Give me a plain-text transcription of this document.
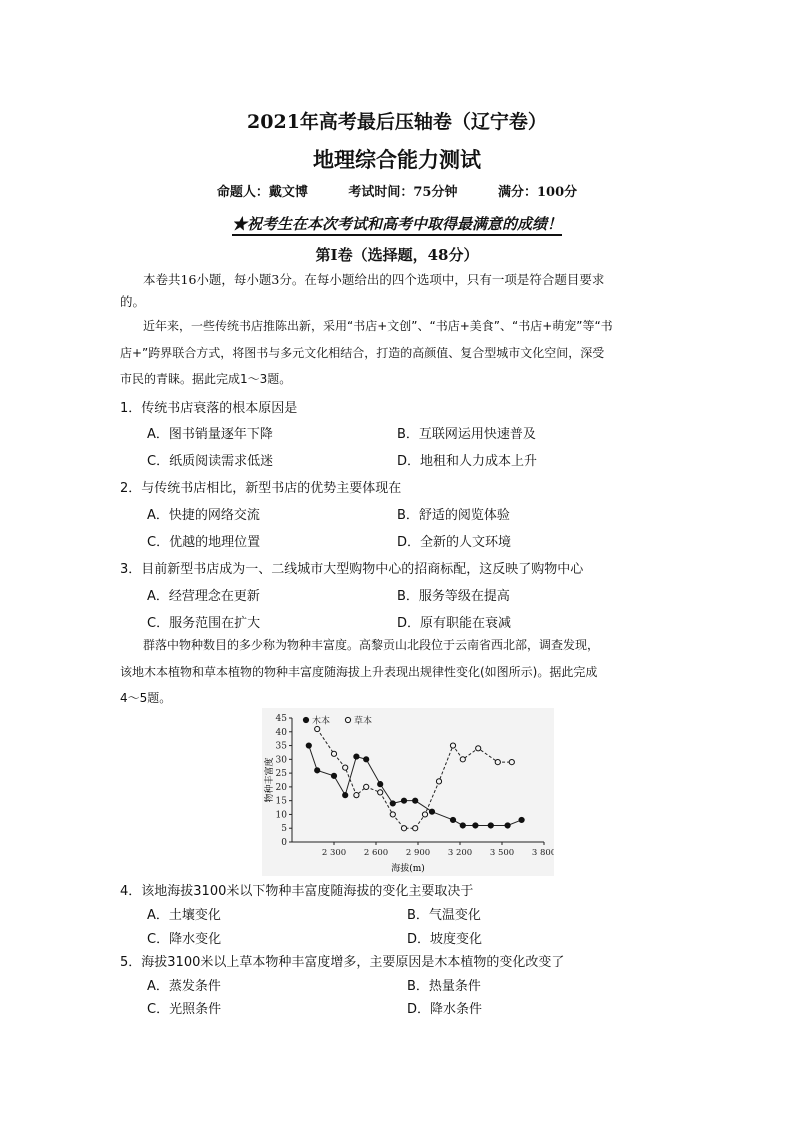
2021年高考最后压轴卷（辽宁卷）
地理综合能力测试
命题人：戴文博	考试时间：75分钟	满分：100分
★祝考生在本次考试和高考中取得最满意的成绩！
第Ⅰ卷（选择题，48分）
本卷共16小题，每小题3分。在每小题给出的四个选项中，只有一项是符合题目要求
的。
近年来，一些传统书店推陈出新，采用“书店+文创”、“书店+美食”、“书店+萌宠”等“书
店+”跨界联合方式，将图书与多元文化相结合，打造的高颜值、复合型城市文化空间，深受
市民的青睐。据此完成1～3题。
1．传统书店衰落的根本原因是
A．图书销量逐年下降	B．互联网运用快速普及
C．纸质阅读需求低迷	D．地租和人力成本上升
2．与传统书店相比，新型书店的优势主要体现在
A．快捷的网络交流	B．舒适的阅览体验
C．优越的地理位置	D．全新的人文环境
3．目前新型书店成为一、二线城市大型购物中心的招商标配，这反映了购物中心
A．经营理念在更新	B．服务等级在提高
C．服务范围在扩大	D．原有职能在衰减
群落中物种数目的多少称为物种丰富度。高黎贡山北段位于云南省西北部，调查发现，
该地木本植物和草本植物的物种丰富度随海拔上升表现出规律性变化(如图所示)。据此完成
4～5题。
0
5
10
15
20
25
30
35
40
45
2 300 2 600 2 900 3 200 3 500 3 800
木本	草本
海拔(m)
物种丰富度
4．该地海拔3100米以下物种丰富度随海拔的变化主要取决于
A．土壤变化	B．气温变化
C．降水变化	D．坡度变化
5．海拔3100米以上草本物种丰富度增多，主要原因是木本植物的变化改变了
A．蒸发条件	B．热量条件
C．光照条件	D．降水条件
